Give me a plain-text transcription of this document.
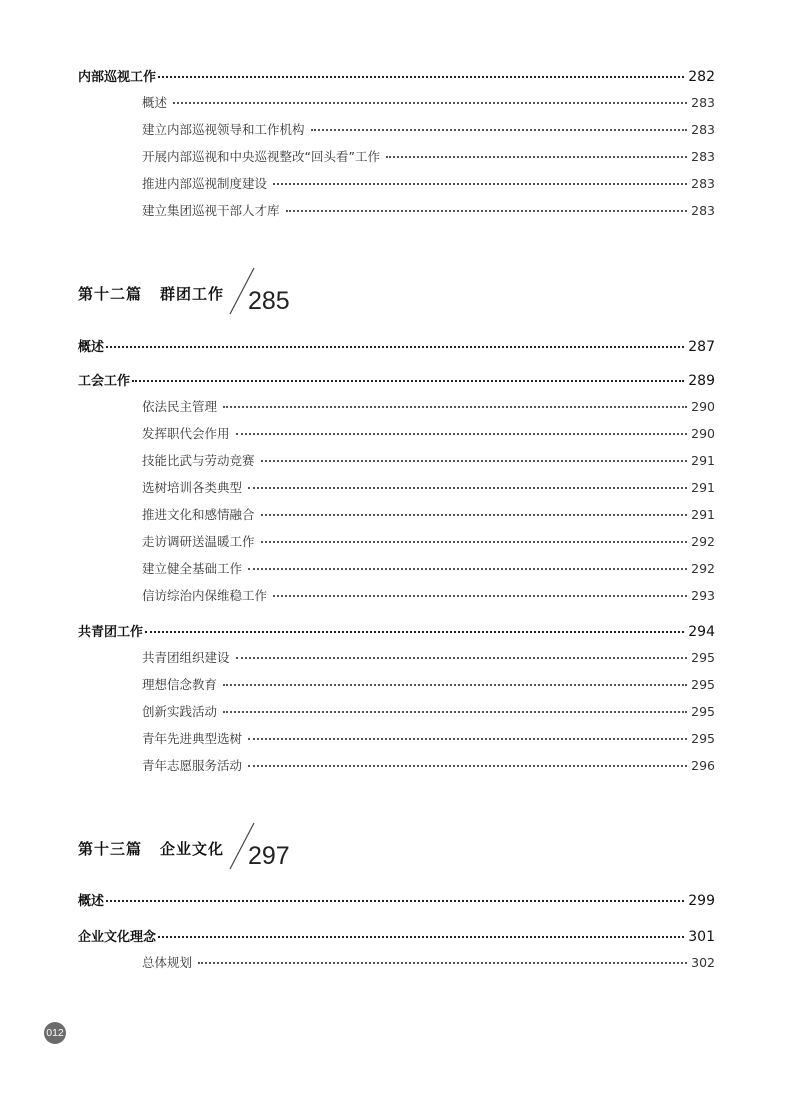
内部巡视工作	282
概述	283
建立内部巡视领导和工作机构	283
开展内部巡视和中央巡视整改“回头看”工作	283
推进内部巡视制度建设	283
建立集团巡视干部人才库	283
第十二篇 群团工作 285
概述	287
工会工作	289
依法民主管理	290
发挥职代会作用	290
技能比武与劳动竞赛	291
选树培训各类典型	291
推进文化和感情融合	291
走访调研送温暖工作	292
建立健全基础工作	292
信访综治内保维稳工作	293
共青团工作	294
共青团组织建设	295
理想信念教育	295
创新实践活动	295
青年先进典型选树	295
青年志愿服务活动	296
第十三篇 企业文化 297
概述	299
企业文化理念	301
总体规划	302
012
